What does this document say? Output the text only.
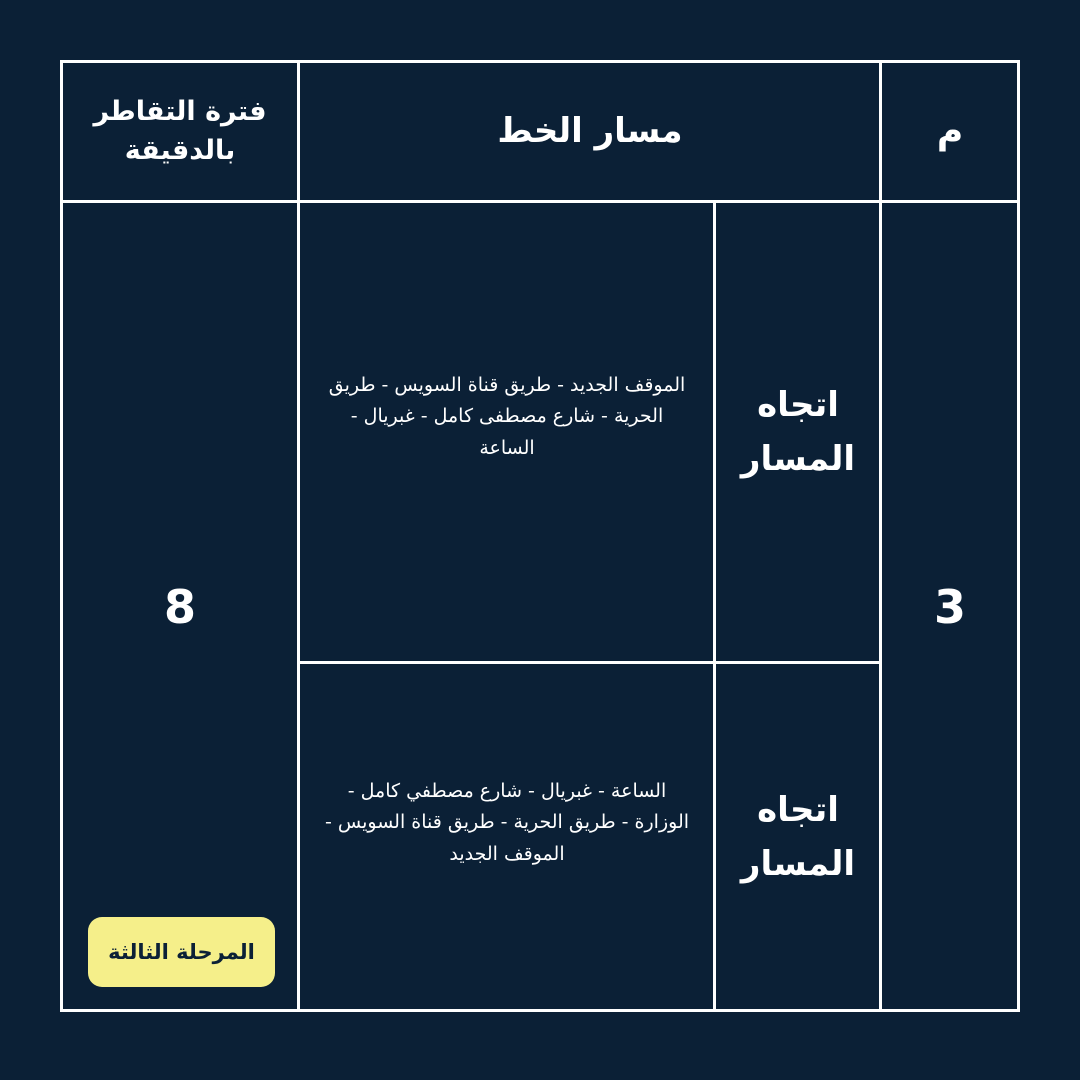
م
مسار الخط
فترة التقاطر
بالدقيقة
3
اتجاه
المسار
الموقف الجديد - طريق قناة السويس - طريق الحرية - شارع مصطفى كامل - غبريال - الساعة
اتجاه
المسار
الساعة - غبريال - شارع مصطفي كامل - الوزارة - طريق الحرية - طريق قناة السويس - الموقف الجديد
8
المرحلة الثالثة
